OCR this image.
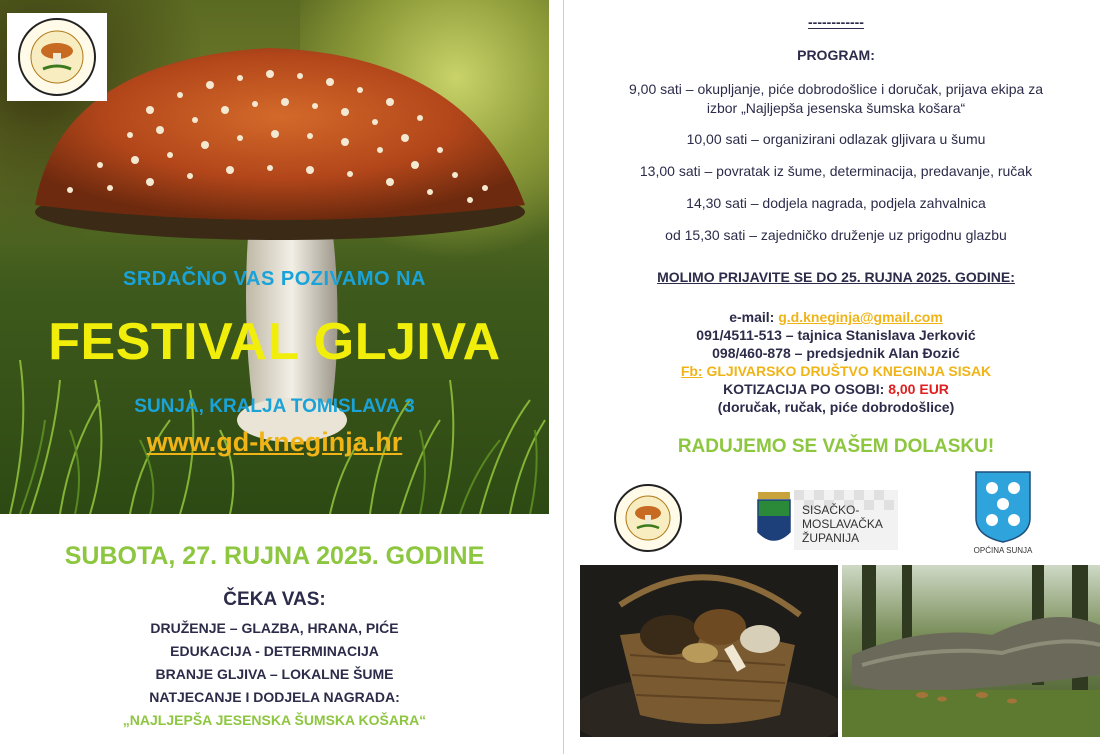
SRDAČNO VAS POZIVAMO NA
FESTIVAL GLJIVA
SUNJA, KRALJA TOMISLAVA 3
www.gd-kneginja.hr
SUBOTA, 27. RUJNA 2025. GODINE
ČEKA VAS:
DRUŽENJE – GLAZBA, HRANA, PIĆE
EDUKACIJA - DETERMINACIJA
BRANJE GLJIVA – LOKALNE ŠUME
NATJECANJE I DODJELA NAGRADA:
„NAJLJEPŠA JESENSKA ŠUMSKA KOŠARA“
------------
PROGRAM:
9,00 sati – okupljanje, piće dobrodošlice i doručak, prijava ekipa za
izbor „Najljepša jesenska šumska košara“
10,00 sati – organizirani odlazak gljivara u šumu
13,00 sati – povratak iz šume, determinacija, predavanje, ručak
14,30 sati – dodjela nagrada, podjela zahvalnica
od 15,30 sati – zajedničko druženje uz prigodnu glazbu
MOLIMO PRIJAVITE SE DO 25. RUJNA 2025. GODINE:
e-mail: g.d.kneginja@gmail.com
091/4511-513 – tajnica Stanislava Jerković
098/460-878 – predsjednik Alan Đozić
Fb: GLJIVARSKO DRUŠTVO KNEGINJA SISAK
KOTIZACIJA PO OSOBI: 8,00 EUR
(doručak, ručak, piće dobrodošlice)
RADUJEMO SE VAŠEM DOLASKU!
SISAČKO-
MOSLAVAČKA
ŽUPANIJA
OPĆINA SUNJA
